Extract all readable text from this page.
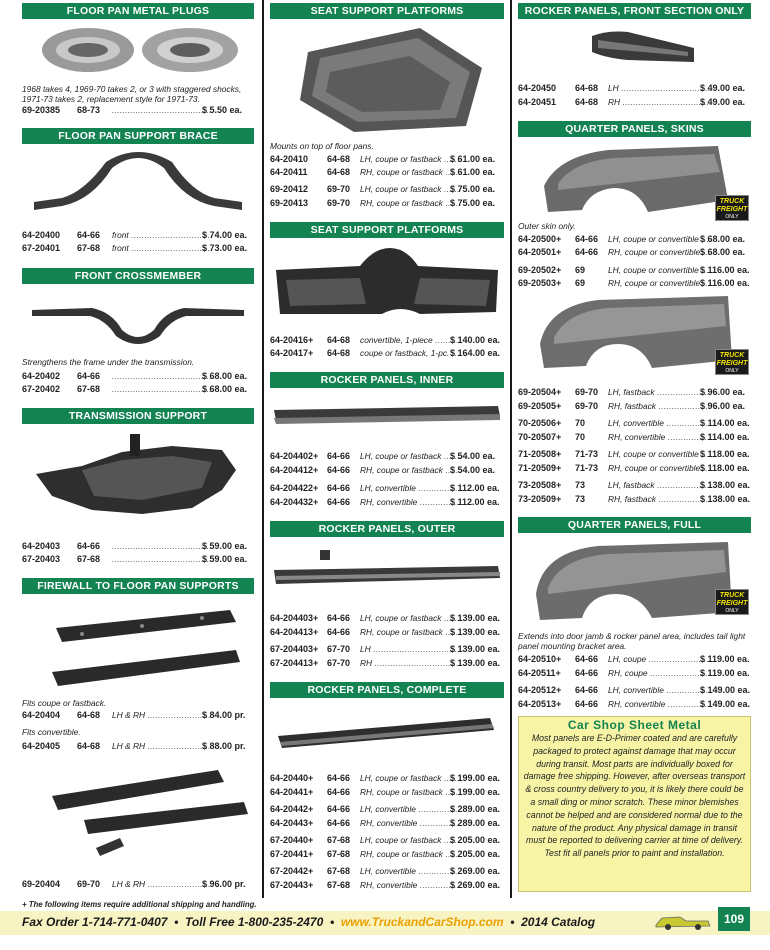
FLOOR PAN METAL PLUGS
1968 takes 4, 1969-70 takes 2, or 3 with staggered shocks, 1971-73 takes 2, replacement style for 1971-73.
69-20385 68-73 .....	$ 5.50 ea.
FLOOR PAN SUPPORT BRACE
64-20400 64-66 front .....	$ 74.00 ea.
67-20401 67-68 front .....	$ 73.00 ea.
FRONT CROSSMEMBER
Strengthens the frame under the transmission.
64-20402 64-66 .....	$ 68.00 ea.
67-20402 67-68 .....	$ 68.00 ea.
TRANSMISSION SUPPORT
64-20403 64-66 .....	$ 59.00 ea.
67-20403 67-68 .....	$ 59.00 ea.
FIREWALL TO FLOOR PAN SUPPORTS
Fits coupe or fastback.
64-20404 64-68 LH & RH .....	$ 84.00 pr.
Fits convertible.
64-20405 64-68 LH & RH .....	$ 88.00 pr.
69-20404 69-70 LH & RH .....	$ 96.00 pr.
SEAT SUPPORT PLATFORMS
Mounts on top of floor pans.
64-20410 64-68 LH, coupe or fastback ..... $ 61.00 ea.
64-20411 64-68 RH, coupe or fastback ..... $ 61.00 ea.
69-20412 69-70 LH, coupe or fastback ..... $ 75.00 ea.
69-20413 69-70 RH, coupe or fastback ..... $ 75.00 ea.
SEAT SUPPORT PLATFORMS
64-20416+ 64-68 convertible, 1-piece .....	$ 140.00 ea.
64-20417+ 64-68 coupe or fastback, 1-pc. ..... $ 164.00 ea.
ROCKER PANELS, INNER
64-204402+ 64-66 LH, coupe or fastback ..... $ 54.00 ea.
64-204412+ 64-66 RH, coupe or fastback ..... $ 54.00 ea.
64-204422+ 64-66 LH, convertible .....	$ 112.00 ea.
64-204432+ 64-66 RH, convertible .....	$ 112.00 ea.
ROCKER PANELS, OUTER
64-204403+ 64-66 LH, coupe or fastback ..... $ 139.00 ea.
64-204413+ 64-66 RH, coupe or fastback ..... $ 139.00 ea.
67-204403+ 67-70 LH .....	$ 139.00 ea.
67-204413+ 67-70 RH .....	$ 139.00 ea.
ROCKER PANELS, COMPLETE
64-20440+ 64-66 LH, coupe or fastback ..... $ 199.00 ea.
64-20441+ 64-66 RH, coupe or fastback ..... $ 199.00 ea.
64-20442+ 64-66 LH, convertible .....	$ 289.00 ea.
64-20443+ 64-66 RH, convertible .....	$ 289.00 ea.
67-20440+ 67-68 LH, coupe or fastback ..... $ 205.00 ea.
67-20441+ 67-68 RH, coupe or fastback ..... $ 205.00 ea.
67-20442+ 67-68 LH, convertible .....	$ 269.00 ea.
67-20443+ 67-68 RH, convertible .....	$ 269.00 ea.
ROCKER PANELS, FRONT SECTION ONLY
64-20450 64-68 LH .....	$ 49.00 ea.
64-20451 64-68 RH .....	$ 49.00 ea.
QUARTER PANELS, SKINS
TRUCK
FREIGHT
ONLY
Outer skin only.
64-20500+ 64-66 LH, coupe or convertible ..... $ 68.00 ea.
64-20501+ 64-66 RH, coupe or convertible ..... $ 68.00 ea.
69-20502+ 69	LH, coupe or convertible ..... $ 116.00 ea.
69-20503+ 69	RH, coupe or convertible ..... $ 116.00 ea.
TRUCK
FREIGHT
ONLY
69-20504+ 69-70 LH, fastback .....	$ 96.00 ea.
69-20505+ 69-70 RH, fastback .....	$ 96.00 ea.
70-20506+ 70	LH, convertible .....	$ 114.00 ea.
70-20507+ 70	RH, convertible .....	$ 114.00 ea.
71-20508+ 71-73 LH, coupe or convertible ..... $ 118.00 ea.
71-20509+ 71-73 RH, coupe or convertible ..... $ 118.00 ea.
73-20508+ 73	LH, fastback .....	$ 138.00 ea.
73-20509+ 73	RH, fastback .....	$ 138.00 ea.
QUARTER PANELS, FULL
TRUCK
FREIGHT
ONLY
Extends into door jamb & rocker panel area, includes tail light panel mounting bracket area.
64-20510+ 64-66 LH, coupe .....	$ 119.00 ea.
64-20511+ 64-66 RH, coupe .....	$ 119.00 ea.
64-20512+ 64-66 LH, convertible .....	$ 149.00 ea.
64-20513+ 64-66 RH, convertible .....	$ 149.00 ea.
Car Shop Sheet Metal
Most panels are E-D-Primer coated and are carefully packaged to protect against damage that may occur during transit. Most parts are individually boxed for damage free shipping. However, after overseas transport & cross country delivery to you, it is likely there could be a small ding or minor scratch. These minor blemishes cannot be helped and are considered normal due to the nature of the product. Any physical damage in transit must be reported to delivering carrier at time of delivery. Test fit all panels prior to paint and installation.
+ The following items require additional shipping and handling.
Fax Order 1-714-771-0407  •  Toll Free 1-800-235-2470  •  www.TruckandCarShop.com  •  2014 Catalog	109
